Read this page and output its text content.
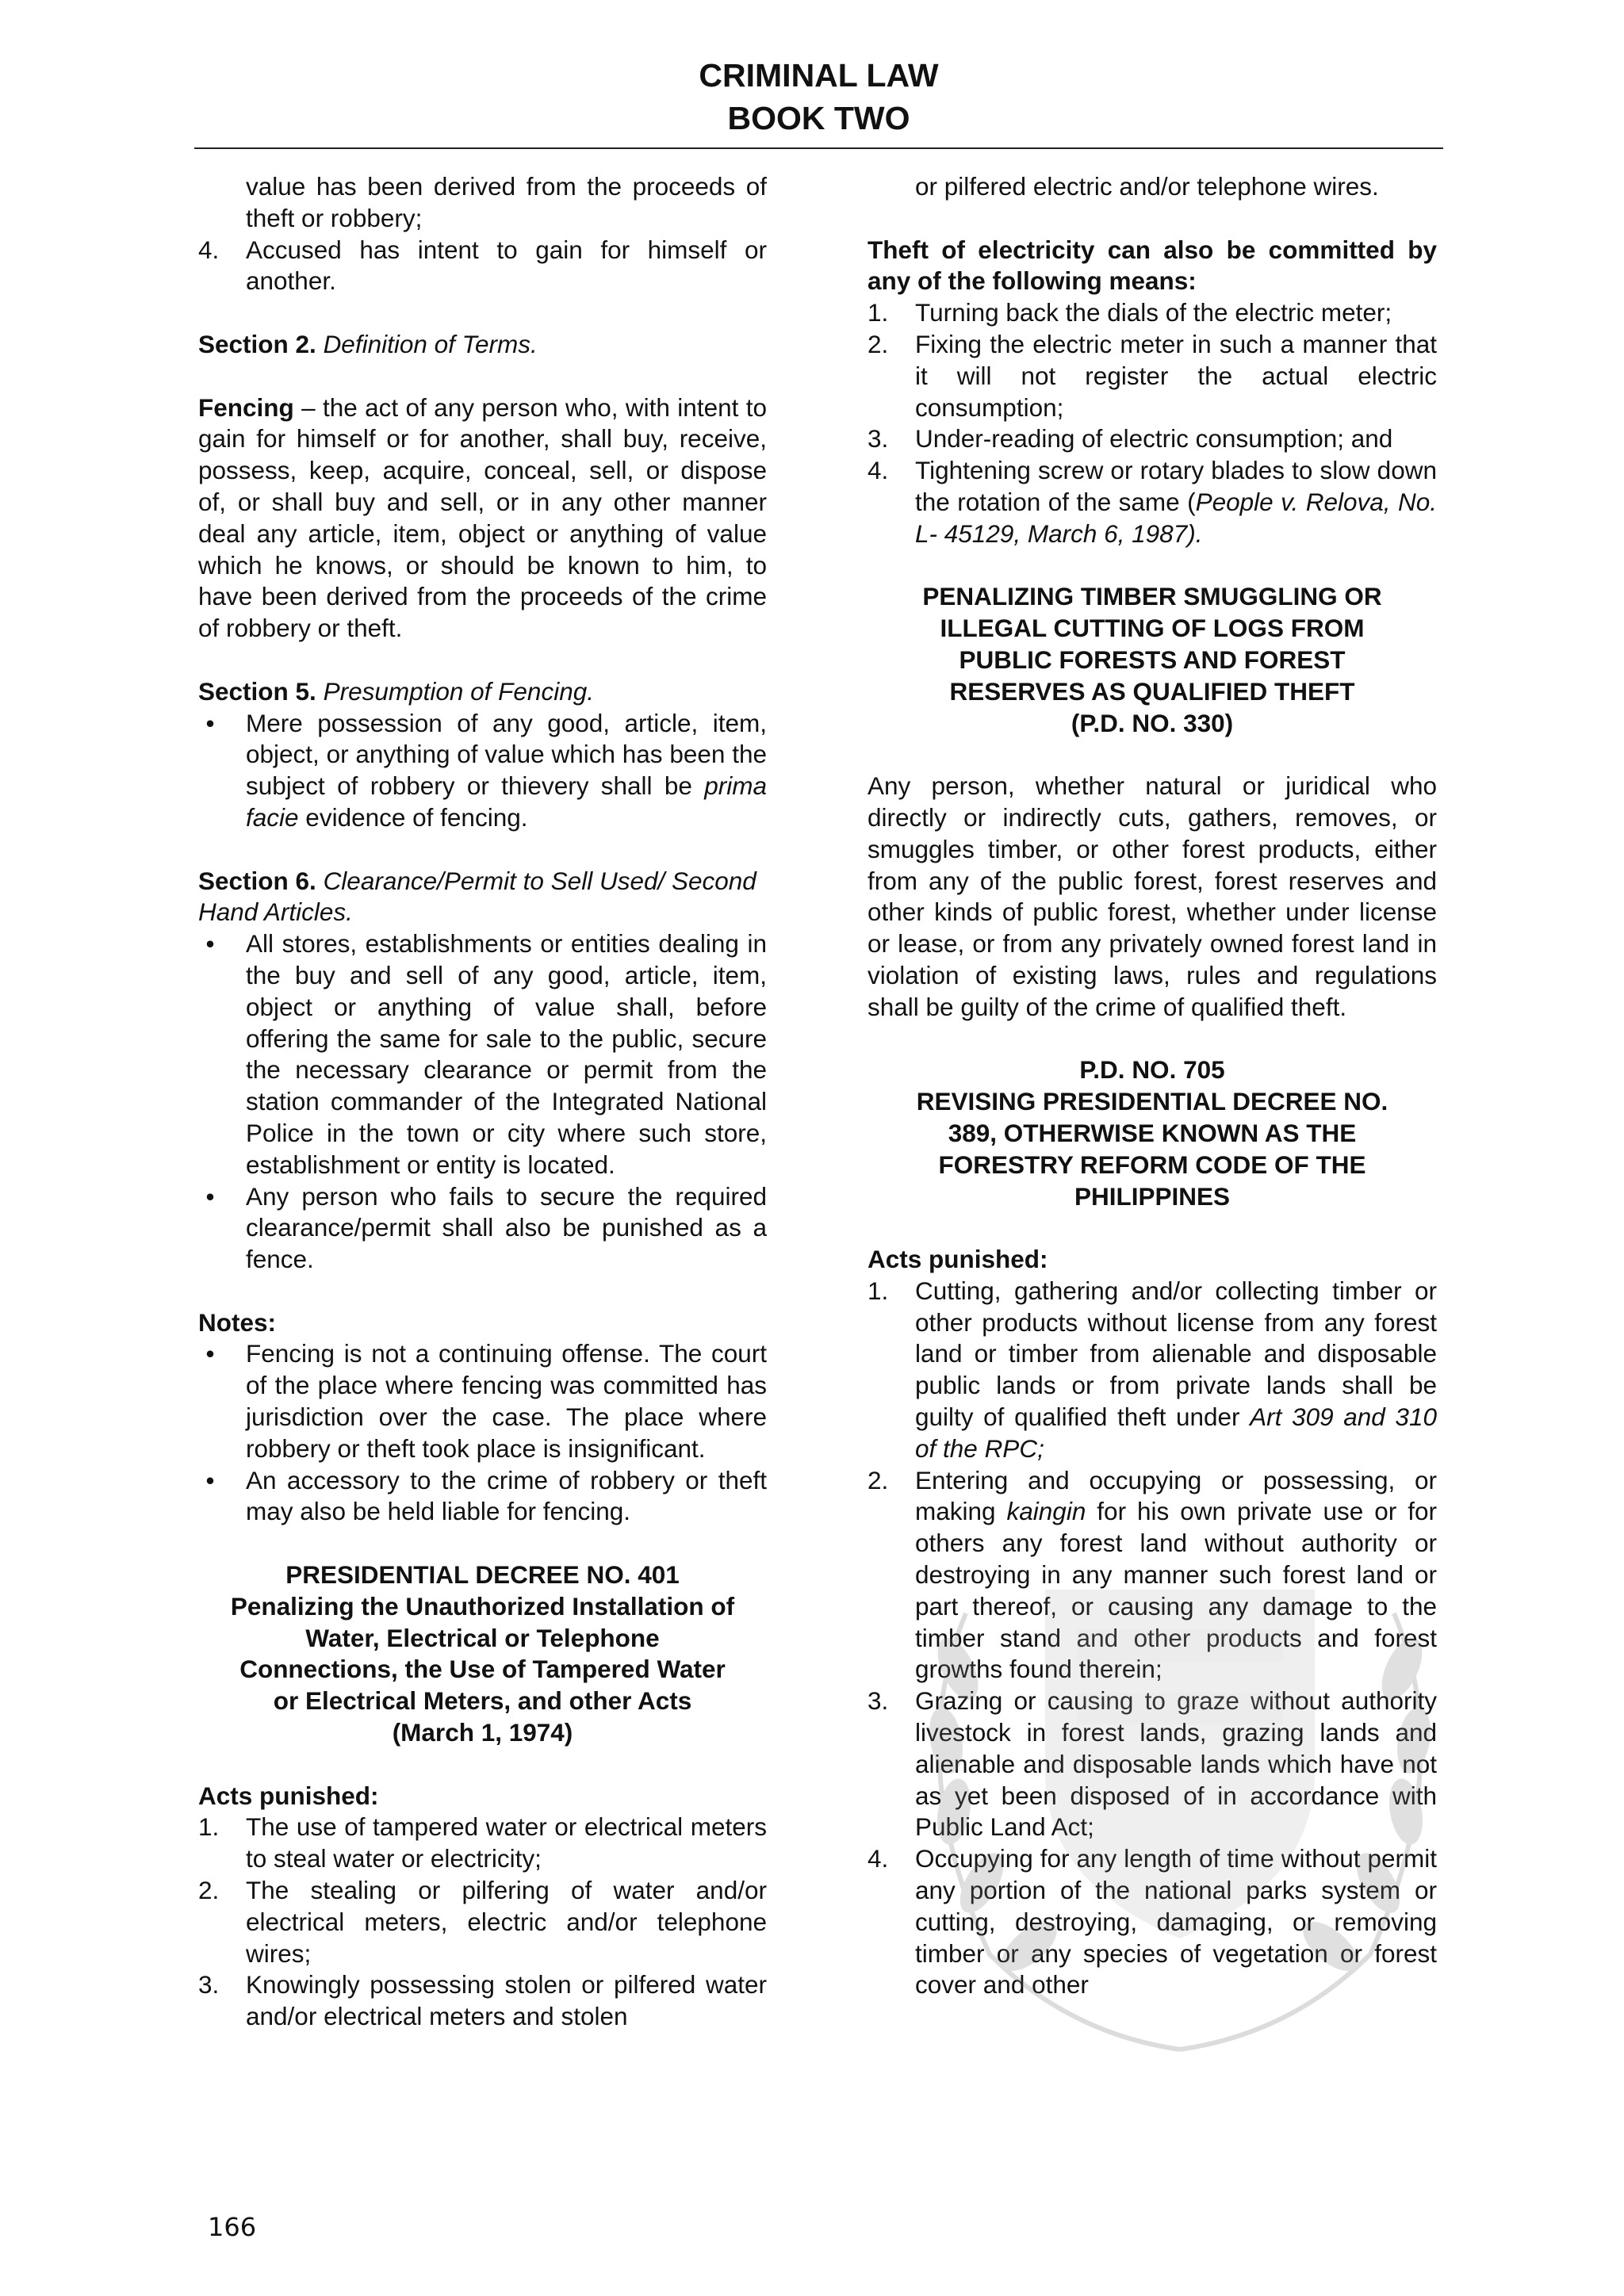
CRIMINAL LAW
BOOK TWO

value has been derived from the proceeds of theft or robbery;

4. Accused has intent to gain for himself or another.

Section 2. Definition of Terms.

Fencing – the act of any person who, with intent to gain for himself or for another, shall buy, receive, possess, keep, acquire, conceal, sell, or dispose of, or shall buy and sell, or in any other manner deal any article, item, object or anything of value which he knows, or should be known to him, to have been derived from the proceeds of the crime of robbery or theft.

Section 5. Presumption of Fencing.

•	Mere possession of any good, article, item, object, or anything of value which has been the subject of robbery or thievery shall be prima facie evidence of fencing.

Section 6. Clearance/Permit to Sell Used/ Second Hand Articles.

•	All stores, establishments or entities dealing in the buy and sell of any good, article, item, object or anything of value shall, before offering the same for sale to the public, secure the necessary clearance or permit from the station commander of the Integrated National Police in the town or city where such store, establishment or entity is located.
•	Any person who fails to secure the required clearance/permit shall also be punished as a fence.

Notes:

•	Fencing is not a continuing offense. The court of the place where fencing was committed has jurisdiction over the case. The place where robbery or theft took place is insignificant.
•	An accessory to the crime of robbery or theft may also be held liable for fencing.

PRESIDENTIAL DECREE NO. 401

Penalizing the Unauthorized Installation of

Water, Electrical or Telephone

Connections, the Use of Tampered Water

or Electrical Meters, and other Acts

(March 1, 1974)

Acts punished:

1. The use of tampered water or electrical meters to steal water or electricity;
2. The stealing or pilfering of water and/or electrical meters, electric and/or telephone wires;
3. Knowingly possessing stolen or pilfered water and/or electrical meters and stolen

or pilfered electric and/or telephone wires.

Theft of electricity can also be committed by any of the following means:

1. Turning back the dials of the electric meter;
2. Fixing the electric meter in such a manner that it will not register the actual electric consumption;
3. Under-reading of electric consumption; and
4. Tightening screw or rotary blades to slow down the rotation of the same (People v. Relova, No. L- 45129, March 6, 1987).

PENALIZING TIMBER SMUGGLING OR

ILLEGAL CUTTING OF LOGS FROM

PUBLIC FORESTS AND FOREST

RESERVES AS QUALIFIED THEFT

(P.D. NO. 330)

Any person, whether natural or juridical who directly or indirectly cuts, gathers, removes, or smuggles timber, or other forest products, either from any of the public forest, forest reserves and other kinds of public forest, whether under license or lease, or from any privately owned forest land in violation of existing laws, rules and regulations shall be guilty of the crime of qualified theft.

P.D. NO. 705

REVISING PRESIDENTIAL DECREE NO.

389, OTHERWISE KNOWN AS THE

FORESTRY REFORM CODE OF THE

PHILIPPINES

Acts punished:

1. Cutting, gathering and/or collecting timber or other products without license from any forest land or timber from alienable and disposable public lands or from private lands shall be guilty of qualified theft under Art 309 and 310 of the RPC;
2. Entering and occupying or possessing, or making kaingin for his own private use or for others any forest land without authority or destroying in any manner such forest land or part thereof, or causing any damage to the timber stand and other products and forest growths found therein;
3. Grazing or causing to graze without authority livestock in forest lands, grazing lands and alienable and disposable lands which have not as yet been disposed of in accordance with Public Land Act;
4. Occupying for any length of time without permit any portion of the national parks system or cutting, destroying, damaging, or removing timber or any species of vegetation or forest cover and other
166
